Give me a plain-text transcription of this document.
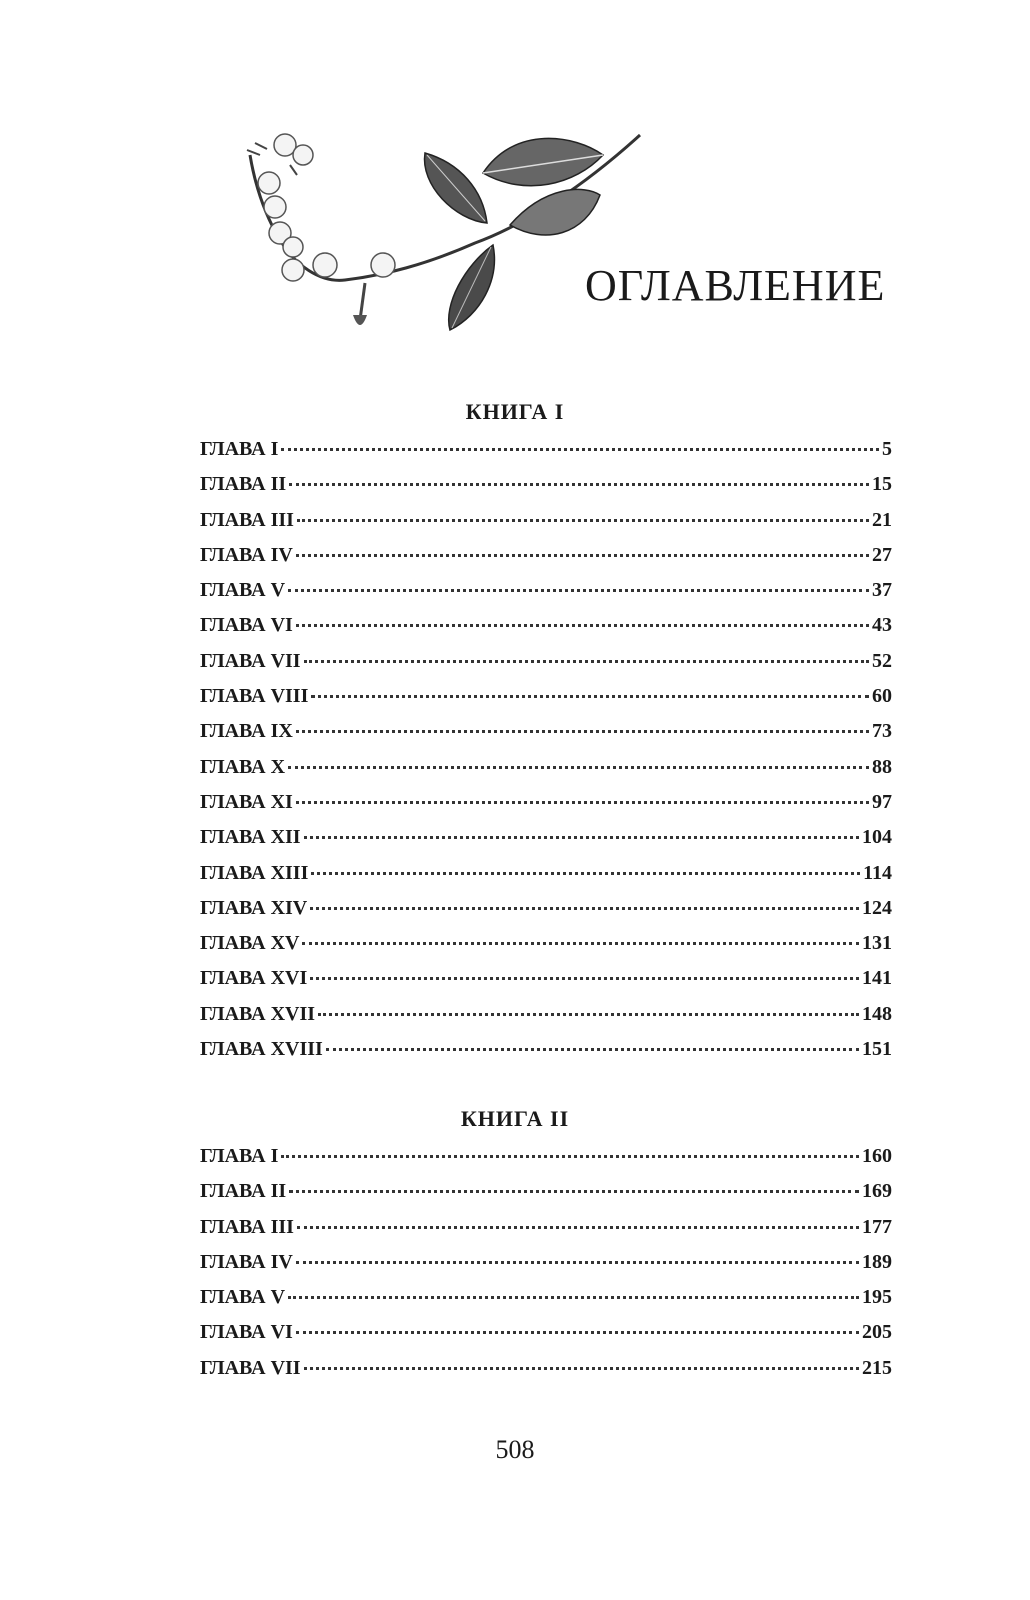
ОГЛАВЛЕНИЕ
КНИГА I
ГЛАВА I	5
ГЛАВА II	15
ГЛАВА III	21
ГЛАВА IV	27
ГЛАВА V	37
ГЛАВА VI	43
ГЛАВА VII	52
ГЛАВА VIII	60
ГЛАВА IX	73
ГЛАВА X	88
ГЛАВА XI	97
ГЛАВА XII	104
ГЛАВА XIII	114
ГЛАВА XIV	124
ГЛАВА XV	131
ГЛАВА XVI	141
ГЛАВА XVII	148
ГЛАВА XVIII	151
КНИГА II
ГЛАВА I	160
ГЛАВА II	169
ГЛАВА III	177
ГЛАВА IV	189
ГЛАВА V	195
ГЛАВА VI	205
ГЛАВА VII	215

508
